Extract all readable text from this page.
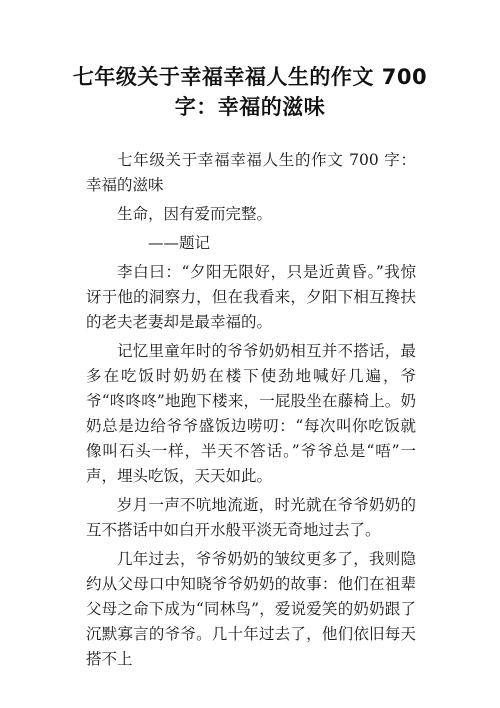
七年级关于幸福幸福人生的作文 700
字：幸福的滋味

七年级关于幸福幸福人生的作文 700 字：幸福的滋味

生命，因有爱而完整。

——题记

李白曰：“夕阳无限好，只是近黄昏。”我惊讶于他的洞察力，但在我看来，夕阳下相互搀扶的老夫老妻却是最幸福的。

记忆里童年时的爷爷奶奶相互并不搭话，最多在吃饭时奶奶在楼下使劲地喊好几遍，爷爷“咚咚咚”地跑下楼来，一屁股坐在藤椅上。奶奶总是边给爷爷盛饭边唠叨：“每次叫你吃饭就像叫石头一样，半天不答话。”爷爷总是“唔”一声，埋头吃饭，天天如此。

岁月一声不吭地流逝，时光就在爷爷奶奶的互不搭话中如白开水般平淡无奇地过去了。

几年过去，爷爷奶奶的皱纹更多了，我则隐约从父母口中知晓爷爷奶奶的故事：他们在祖辈父母之命下成为“同林鸟”，爱说爱笑的奶奶跟了沉默寡言的爷爷。几十年过去了，他们依旧每天搭不上
